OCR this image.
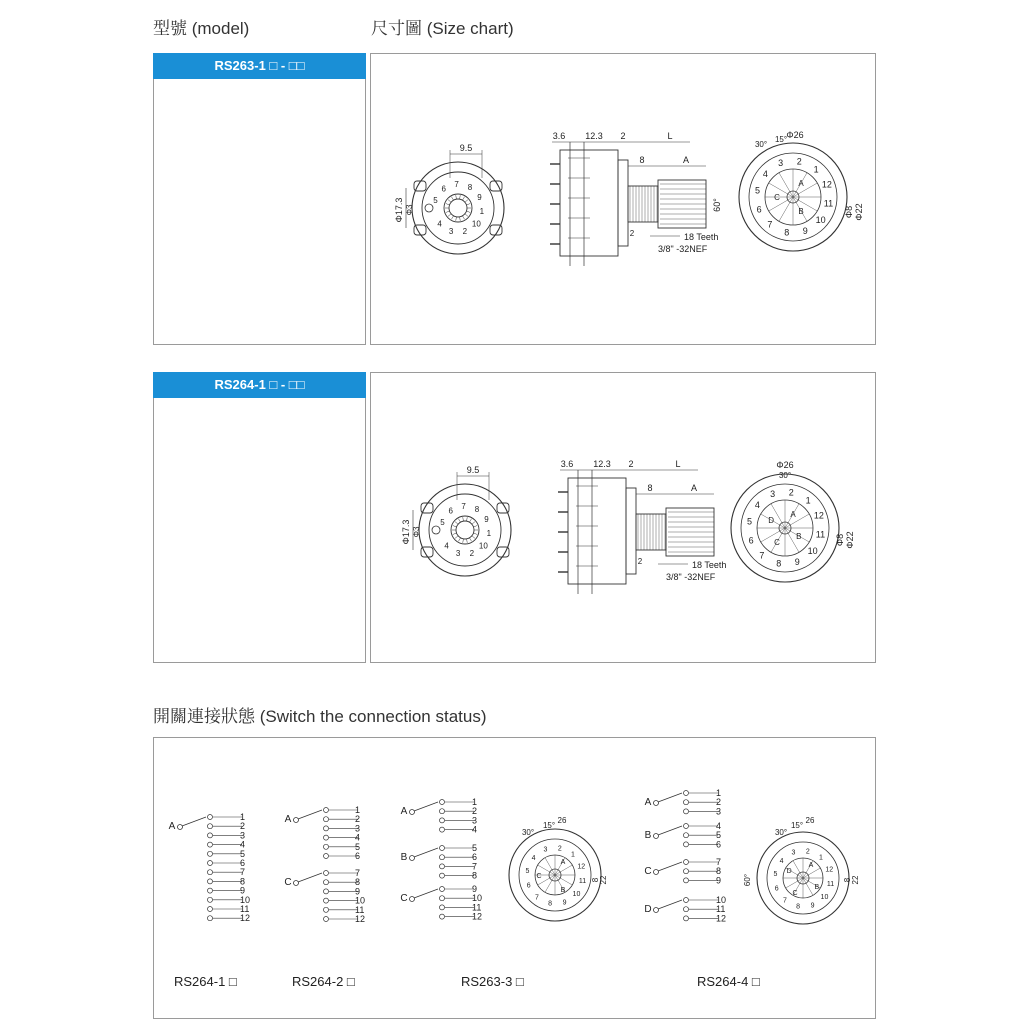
型號 (model)	尺寸圖 (Size chart)
RS263-1 □ - □□
RS264-1 □ - □□
開關連接狀態 (Switch the connection status)
RS264-1 □	RS264-2 □	RS263-3 □	RS264-4 □
5
6
7 8
9
1
10
2
3
4
9.5
Φ17.3 Φ3
3.6 12.3 2	L
8	A
18 Teeth
3/8" -32NEF
2
3 2
1
12
11
10
9
8
7
6
5
4
A
B
C
Φ26
30°
15°
60°
Φ8 Φ22
5
6
7 8
9
1
10
2
3
4
9.5
Φ17.3 Φ3
3.6 12.3 2	L
8	A
18 Teeth
3/8" -32NEF
2
3 2
1
12
11
10
9
8
7
6
5
4
A
B
C
D
Φ26
30°
Φ8 Φ22
A
1
2
3
4
5
6
7
8
9
10
11
12
A
1
2
3
4
5
6
C
7
8
9
10
11
12
A
1
2
3
4
B
5
6
7
8
C
9
10
11
12
3 2
1
12
11
10
9
8
7
6
5
4
A
B
C
26
30°
15°
8 22
A
1
2
3
B
4
5
6
C
7
8
9
D
10
11
12
3 2
1
12
11
10
9
8
7
6
5
4
A
B
C
D
26
30°
15°
60°	8 22
